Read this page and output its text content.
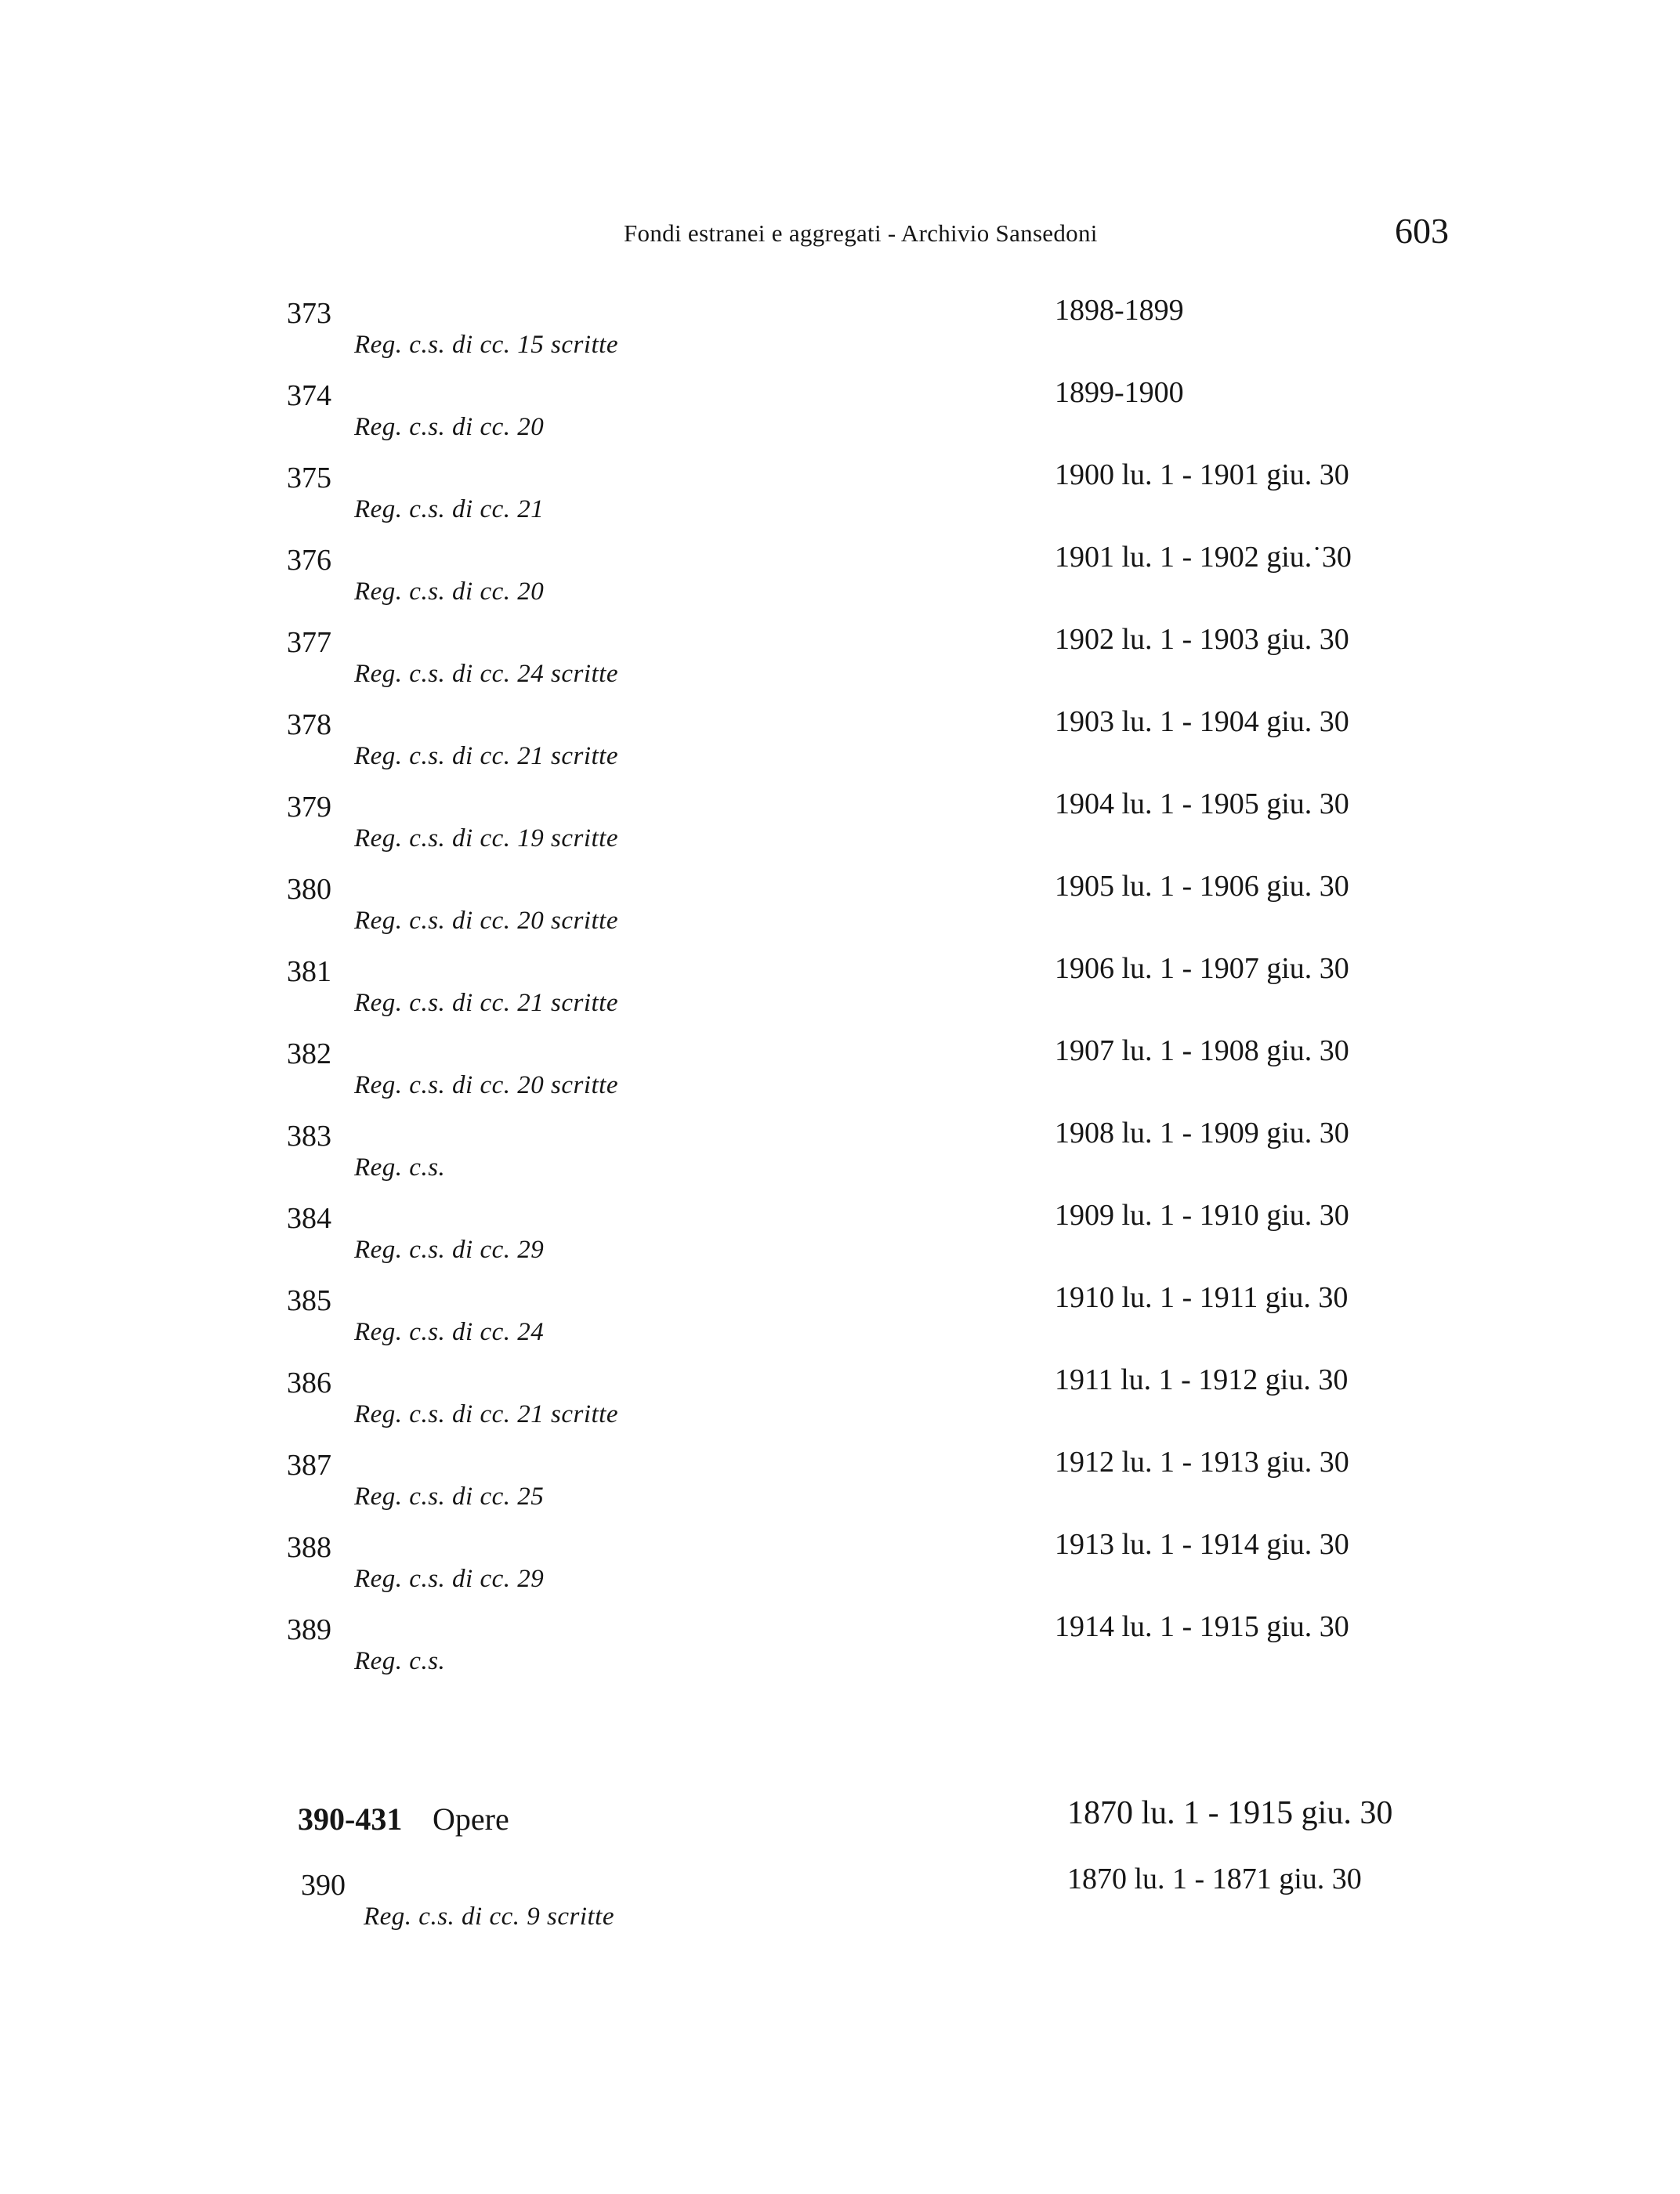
Fondi estranei e aggregati - Archivio Sansedoni	603
373
Reg. c.s. di cc. 15 scritte
1898-1899
374
Reg. c.s. di cc. 20
1899-1900
375
Reg. c.s. di cc. 21
1900 lu. 1 - 1901 giu. 30
376
Reg. c.s. di cc. 20
1901 lu. 1 - 1902 giu.˙30
377
Reg. c.s. di cc. 24 scritte
1902 lu. 1 - 1903 giu. 30
378
Reg. c.s. di cc. 21 scritte
1903 lu. 1 - 1904 giu. 30
379
Reg. c.s. di cc. 19 scritte
1904 lu. 1 - 1905 giu. 30
380
Reg. c.s. di cc. 20 scritte
1905 lu. 1 - 1906 giu. 30
381
Reg. c.s. di cc. 21 scritte
1906 lu. 1 - 1907 giu. 30
382
Reg. c.s. di cc. 20 scritte
1907 lu. 1 - 1908 giu. 30
383
Reg. c.s.
1908 lu. 1 - 1909 giu. 30
384
Reg. c.s. di cc. 29
1909 lu. 1 - 1910 giu. 30
385
Reg. c.s. di cc. 24
1910 lu. 1 - 1911 giu. 30
386
Reg. c.s. di cc. 21 scritte
1911 lu. 1 - 1912 giu. 30
387
Reg. c.s. di cc. 25
1912 lu. 1 - 1913 giu. 30
388
Reg. c.s. di cc. 29
1913 lu. 1 - 1914 giu. 30
389
Reg. c.s.
1914 lu. 1 - 1915 giu. 30
390-431 Opere	1870 lu. 1 - 1915 giu. 30
390
Reg. c.s. di cc. 9 scritte
1870 lu. 1 - 1871 giu. 30
